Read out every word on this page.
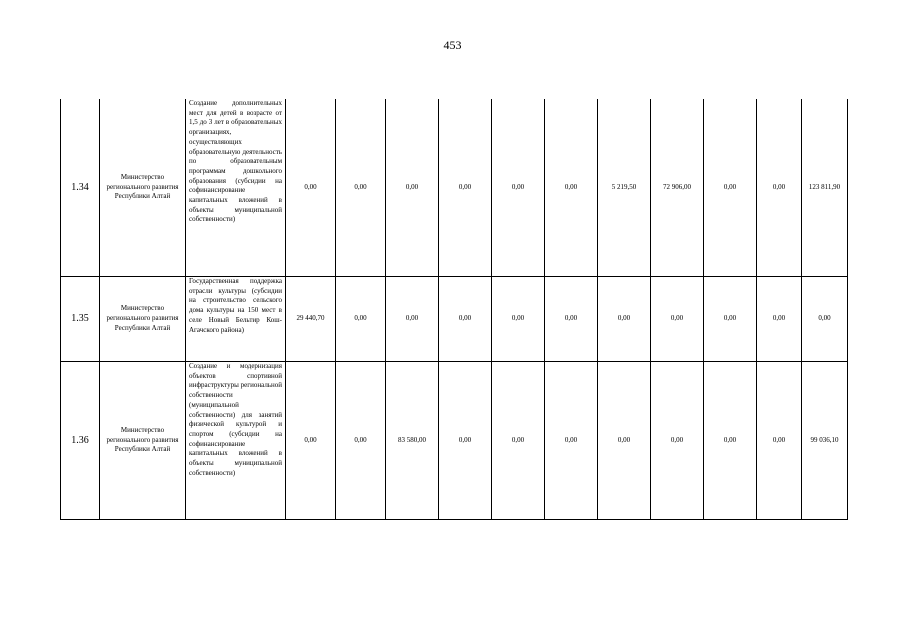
453
1.34	Министерство регионального развития Республики Алтай	Создание дополнительных мест для детей в возрасте от 1,5 до 3 лет в образовательных организациях, осуществляющих образовательную деятельность по образовательным программам дошкольного образования (субсидии на софинансирование капитальных вложений в объекты муниципальной собственности)	0,00	0,00	0,00	0,00	0,00	0,00	5 219,50	72 906,00	0,00	0,00	123 811,90
1.35	Министерство регионального развития Республики Алтай	Государственная поддержка отрасли культуры (субсидии на строительство сельского дома культуры на 150 мест в селе Новый Бельтир Кош-Агачского района)	29 440,70	0,00	0,00	0,00	0,00	0,00	0,00	0,00	0,00	0,00	0,00
1.36	Министерство регионального развития Республики Алтай	Создание и модернизация объектов спортивной инфраструктуры региональной собственности (муниципальной собственности) для занятий физической культурой и спортом (субсидии на софинансирование капитальных вложений в объекты муниципальной собственности)	0,00	0,00	83 580,00	0,00	0,00	0,00	0,00	0,00	0,00	0,00	99 036,10
